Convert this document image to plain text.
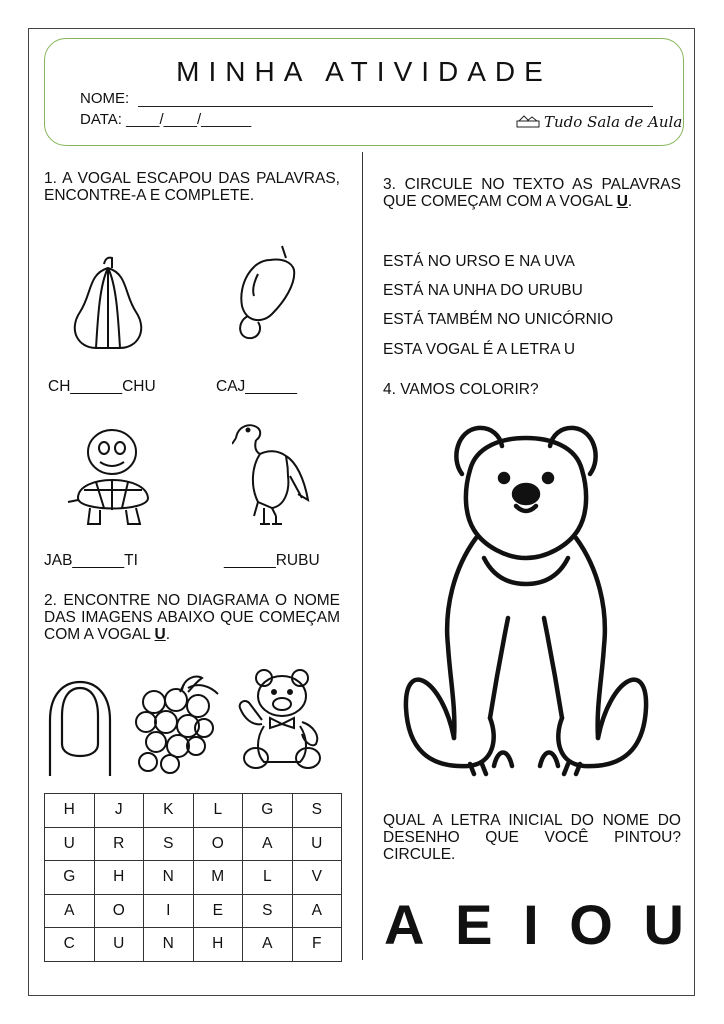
MINHA ATIVIDADE
NOME:
DATA: ____/____/______	Tudo Sala de Aula
1. A VOGAL ESCAPOU DAS PALAVRAS, ENCONTRE-A E COMPLETE.
CH______CHU	CAJ______
JAB______TI	______RUBU
2. ENCONTRE NO DIAGRAMA O NOME DAS IMAGENS ABAIXO QUE COMEÇAM COM A VOGAL U.
H	J	K	L	G	S
U	R	S	O	A	U
G	H	N	M	L	V
A	O	I	E	S	A
C	U	N	H	A	F
3. CIRCULE NO TEXTO AS PALAVRAS QUE COMEÇAM COM A VOGAL U.
ESTÁ NO URSO E NA UVA
ESTÁ NA UNHA DO URUBU
ESTÁ TAMBÉM NO UNICÓRNIO
ESTA VOGAL É A LETRA U
4. VAMOS COLORIR?
QUAL A LETRA INICIAL DO NOME DO DESENHO QUE VOCÊ PINTOU? CIRCULE.
A E I O U
